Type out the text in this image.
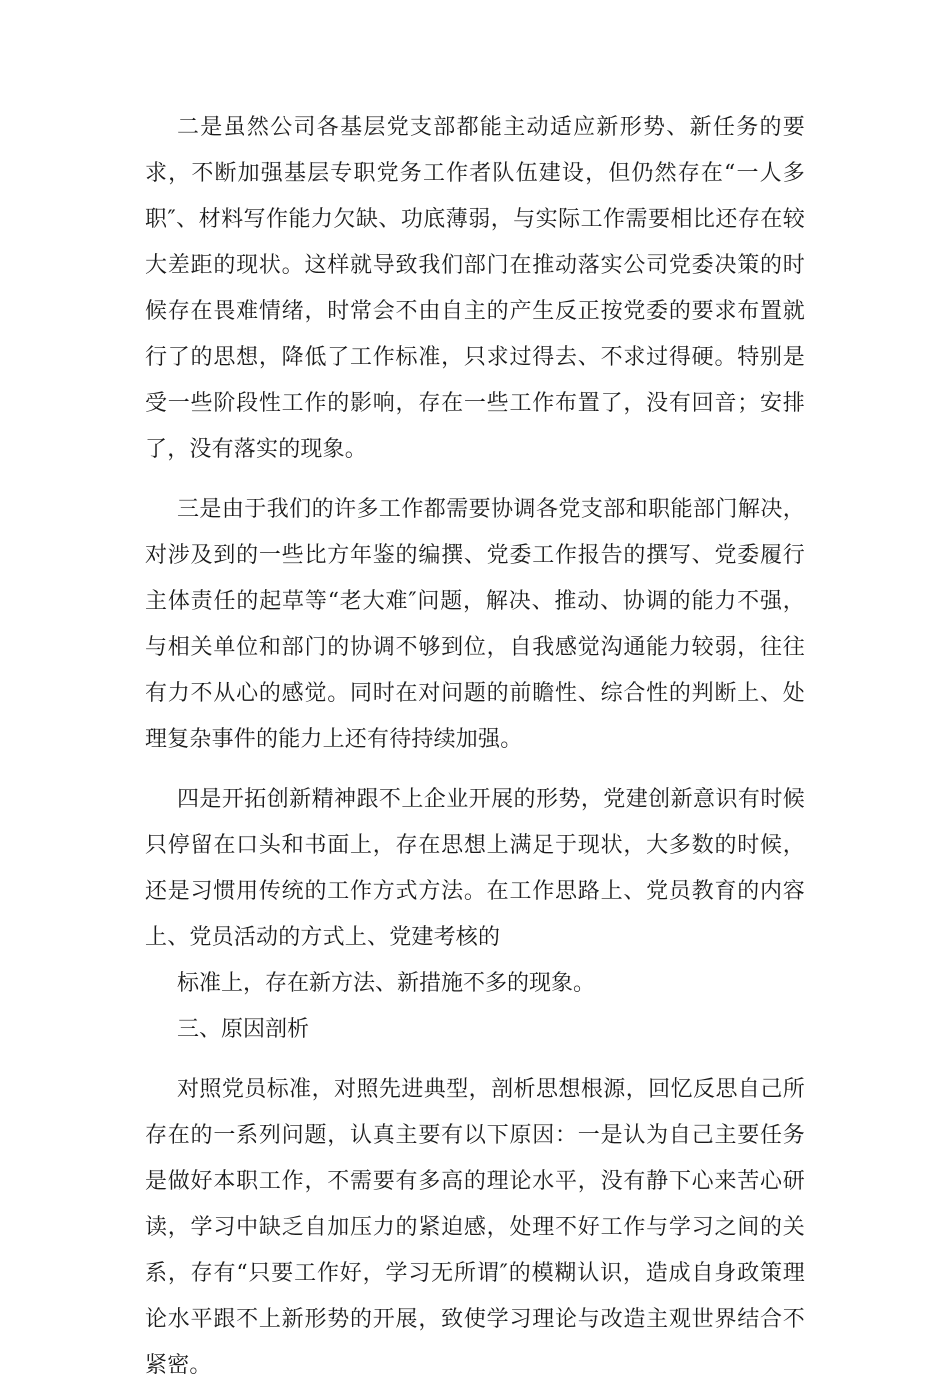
二是虽然公司各基层党支部都能主动适应新形势、新任务的要求，不断加强基层专职党务工作者队伍建设，但仍然存在“一人多职″、材料写作能力欠缺、功底薄弱，与实际工作需要相比还存在较大差距的现状。这样就导致我们部门在推动落实公司党委决策的时候存在畏难情绪，时常会不由自主的产生反正按党委的要求布置就行了的思想，降低了工作标准，只求过得去、不求过得硬。特别是受一些阶段性工作的影响，存在一些工作布置了，没有回音；安排了，没有落实的现象。

三是由于我们的许多工作都需要协调各党支部和职能部门解决，对涉及到的一些比方年鉴的编撰、党委工作报告的撰写、党委履行主体责任的起草等“老大难″问题，解决、推动、协调的能力不强，与相关单位和部门的协调不够到位，自我感觉沟通能力较弱，往往有力不从心的感觉。同时在对问题的前瞻性、综合性的判断上、处理复杂事件的能力上还有待持续加强。

四是开拓创新精神跟不上企业开展的形势，党建创新意识有时候只停留在口头和书面上，存在思想上满足于现状，大多数的时候，还是习惯用传统的工作方式方法。在工作思路上、党员教育的内容上、党员活动的方式上、党建考核的

标准上，存在新方法、新措施不多的现象。

三、原因剖析

对照党员标准，对照先进典型，剖析思想根源，回忆反思自己所存在的一系列问题，认真主要有以下原因：一是认为自己主要任务是做好本职工作，不需要有多高的理论水平，没有静下心来苦心研读，学习中缺乏自加压力的紧迫感，处理不好工作与学习之间的关系，存有“只要工作好，学习无所谓″的模糊认识，造成自身政策理论水平跟不上新形势的开展，致使学习理论与改造主观世界结合不紧密。
